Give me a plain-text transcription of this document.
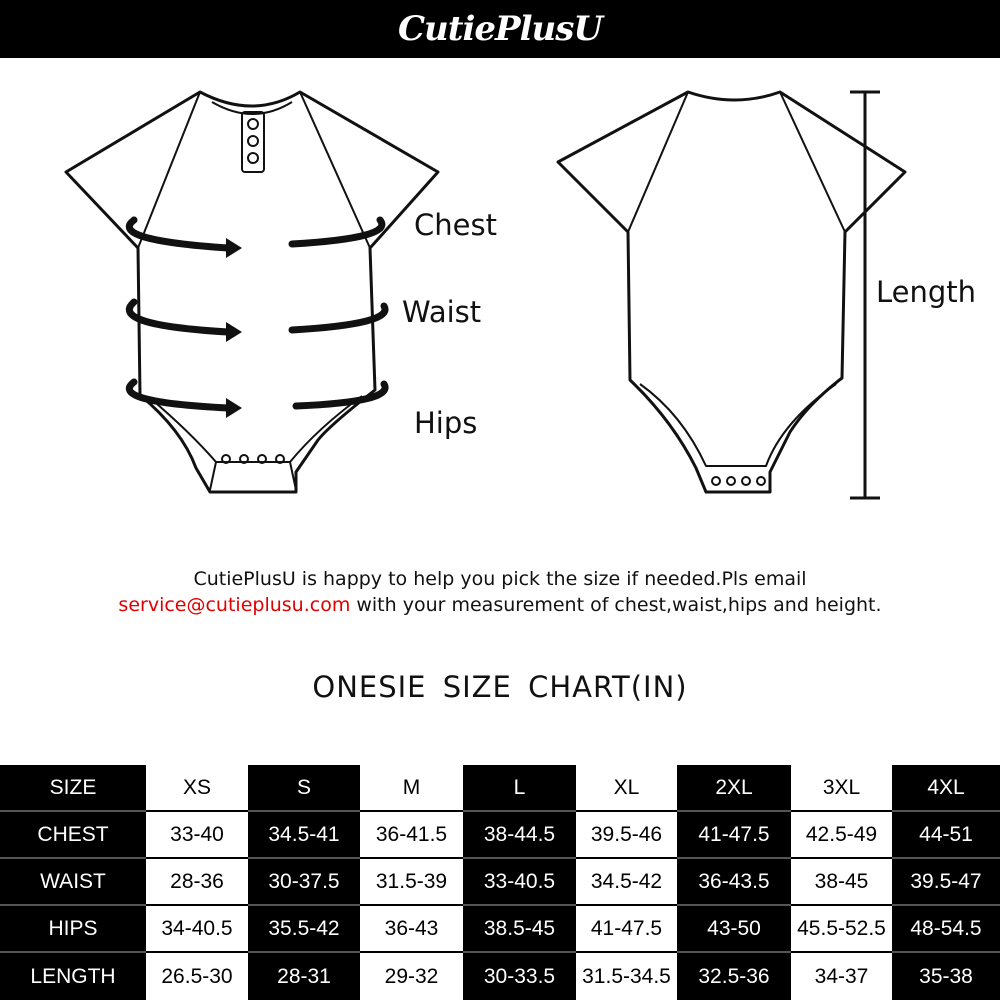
CutiePlusU
Chest
Waist
Hips
Length
CutiePlusU is happy to help you pick the size if needed.Pls email
service@cutieplusu.com with your measurement of chest,waist,hips and height.
ONESIE SIZE CHART(IN)
SIZE
CHEST
WAIST
HIPS
LENGTH
XS
33-40
28-36
34-40.5
26.5-30
S
34.5-41
30-37.5
35.5-42
28-31
M
36-41.5
31.5-39
36-43
29-32
L
38-44.5
33-40.5
38.5-45
30-33.5
XL
39.5-46
34.5-42
41-47.5
31.5-34.5
2XL
41-47.5
36-43.5
43-50
32.5-36
3XL
42.5-49
38-45
45.5-52.5
34-37
4XL
44-51
39.5-47
48-54.5
35-38
